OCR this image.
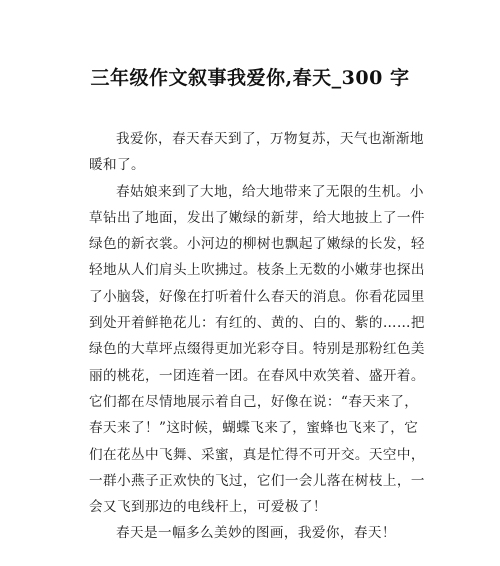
三年级作文叙事我爱你,春天_300 字
我爱你，春天春天到了，万物复苏，天气也渐渐地
暖和了。
春姑娘来到了大地，给大地带来了无限的生机。小
草钻出了地面，发出了嫩绿的新芽，给大地披上了一件
绿色的新衣裳。小河边的柳树也飘起了嫩绿的长发，轻
轻地从人们肩头上吹拂过。枝条上无数的小嫩芽也探出
了小脑袋，好像在打听着什么春天的消息。你看花园里
到处开着鲜艳花儿：有红的、黄的、白的、紫的……把
绿色的大草坪点缀得更加光彩夺目。特别是那粉红色美
丽的桃花，一团连着一团。在春风中欢笑着、盛开着。
它们都在尽情地展示着自己，好像在说：“春天来了，
春天来了！”这时候，蝴蝶飞来了，蜜蜂也飞来了，它
们在花丛中飞舞、采蜜，真是忙得不可开交。天空中，
一群小燕子正欢快的飞过，它们一会儿落在树枝上，一
会又飞到那边的电线杆上，可爱极了！
春天是一幅多么美妙的图画，我爱你，春天！
